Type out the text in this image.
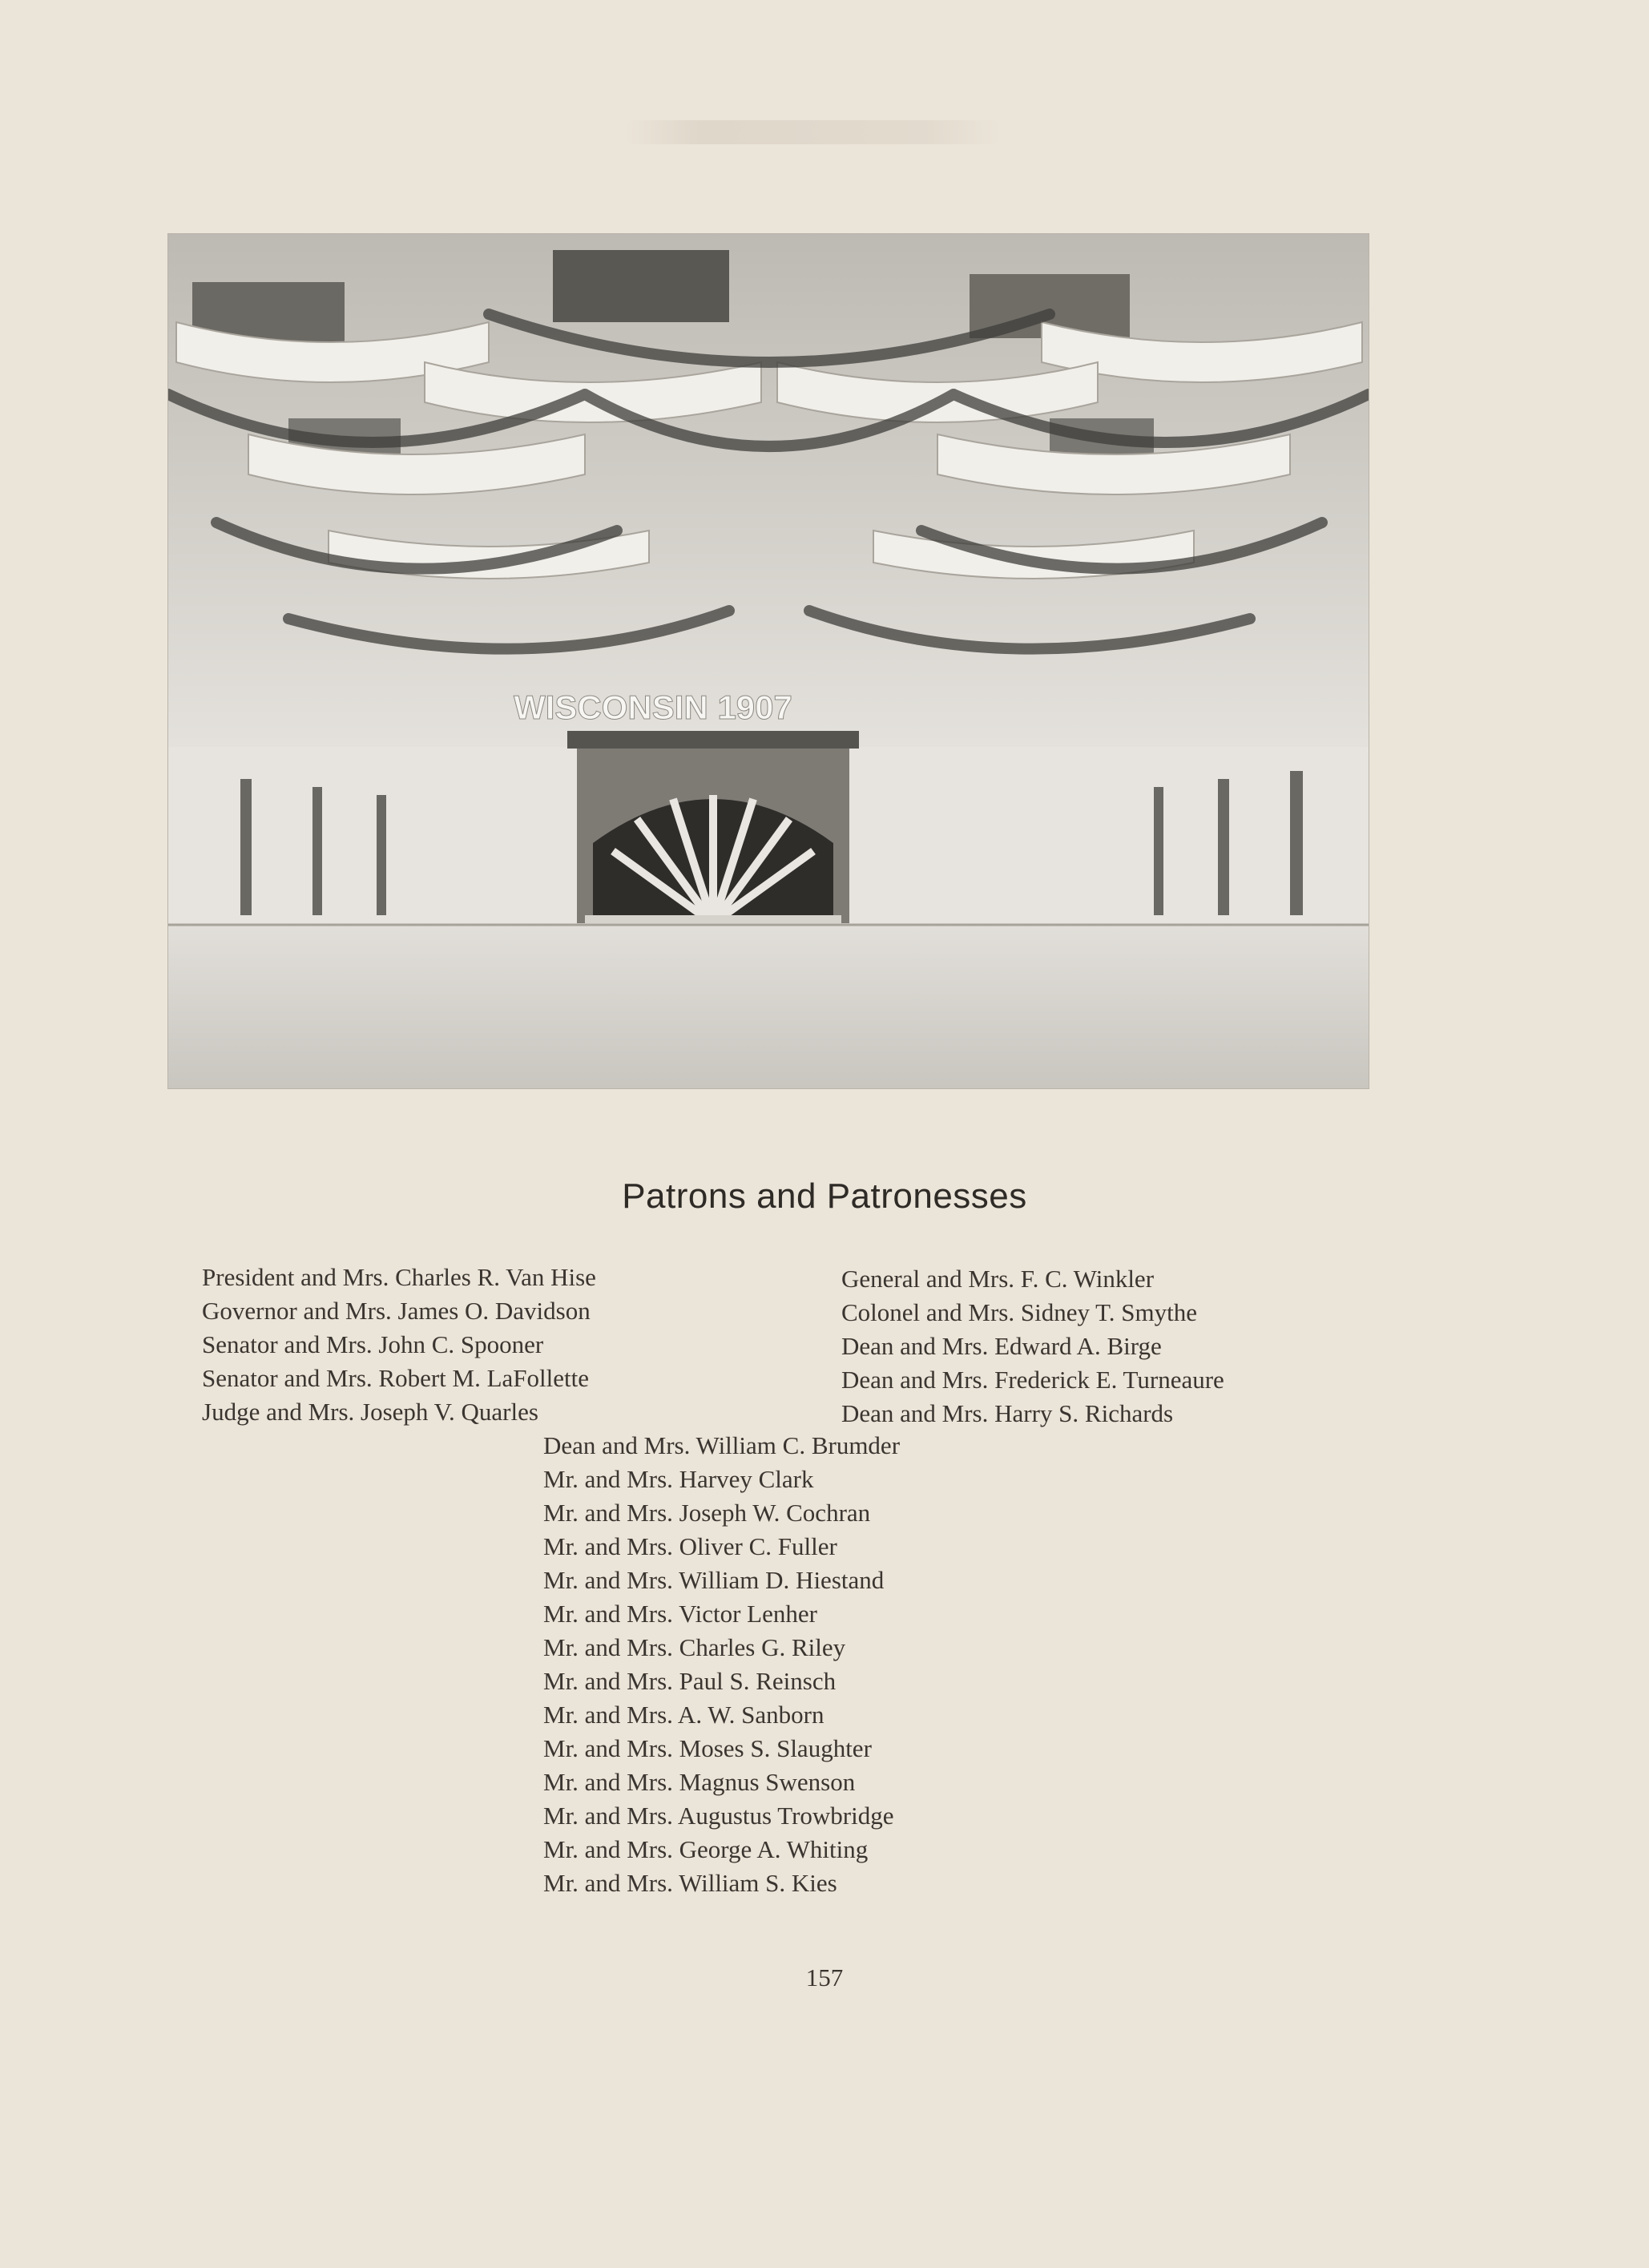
WISCONSIN 1907
Patrons and Patronesses
President and Mrs. Charles R. Van Hise
Governor and Mrs. James O. Davidson
Senator and Mrs. John C. Spooner
Senator and Mrs. Robert M. LaFollette
Judge and Mrs. Joseph V. Quarles
General and Mrs. F. C. Winkler
Colonel and Mrs. Sidney T. Smythe
Dean and Mrs. Edward A. Birge
Dean and Mrs. Frederick E. Turneaure
Dean and Mrs. Harry S. Richards
Dean and Mrs. William C. Brumder
Mr. and Mrs. Harvey Clark
Mr. and Mrs. Joseph W. Cochran
Mr. and Mrs. Oliver C. Fuller
Mr. and Mrs. William D. Hiestand
Mr. and Mrs. Victor Lenher
Mr. and Mrs. Charles G. Riley
Mr. and Mrs. Paul S. Reinsch
Mr. and Mrs. A. W. Sanborn
Mr. and Mrs. Moses S. Slaughter
Mr. and Mrs. Magnus Swenson
Mr. and Mrs. Augustus Trowbridge
Mr. and Mrs. George A. Whiting
Mr. and Mrs. William S. Kies
157
